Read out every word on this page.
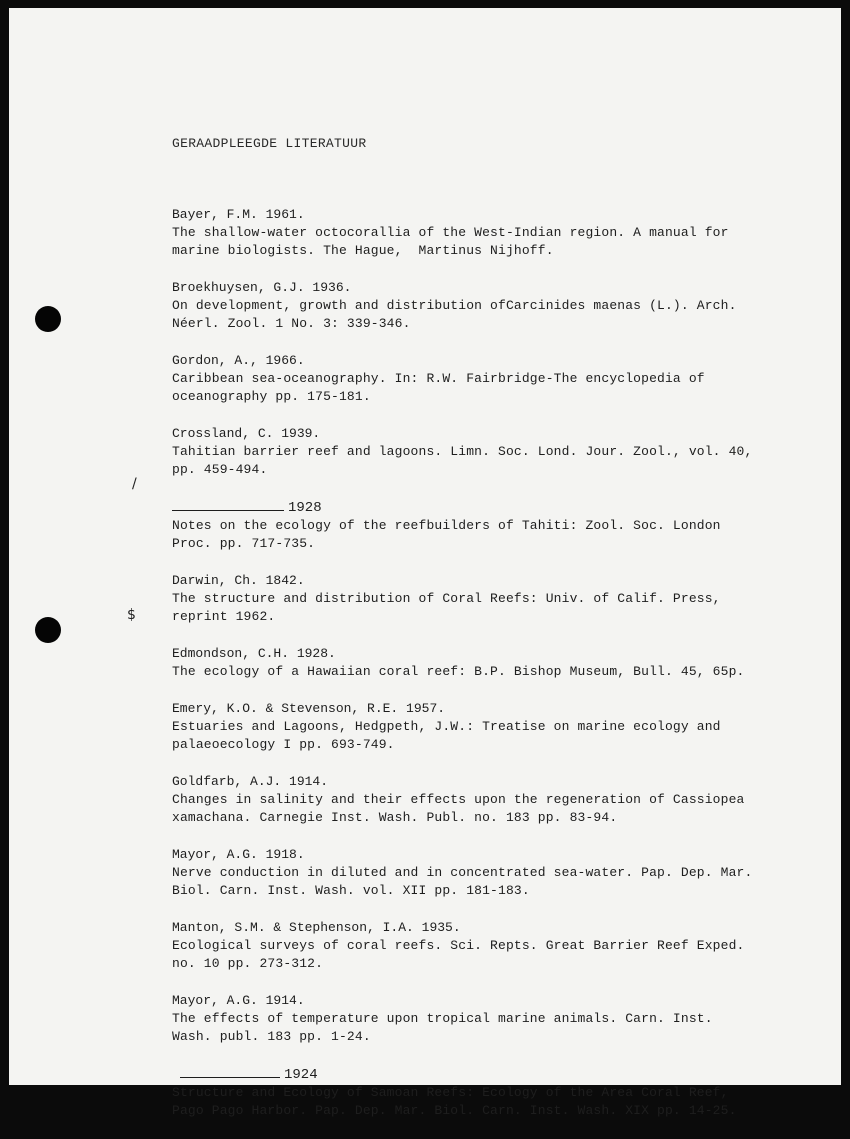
/
$
GERAADPLEEGDE LITERATUUR
Bayer, F.M. 1961.
The shallow-water octocorallia of the West-Indian region. A manual for
marine biologists. The Hague,  Martinus Nijhoff.
Broekhuysen, G.J. 1936.
On development, growth and distribution ofCarcinides maenas (L.). Arch.
Néerl. Zool. 1 No. 3: 339-346.
Gordon, A., 1966.
Caribbean sea-oceanography. In: R.W. Fairbridge-The encyclopedia of
oceanography pp. 175-181.
Crossland, C. 1939.
Tahitian barrier reef and lagoons. Limn. Soc. Lond. Jour. Zool., vol. 40,
pp. 459-494.
1928
Notes on the ecology of the reefbuilders of Tahiti: Zool. Soc. London
Proc. pp. 717-735.
Darwin, Ch. 1842.
The structure and distribution of Coral Reefs: Univ. of Calif. Press,
reprint 1962.
Edmondson, C.H. 1928.
The ecology of a Hawaiian coral reef: B.P. Bishop Museum, Bull. 45, 65p.
Emery, K.O. & Stevenson, R.E. 1957.
Estuaries and Lagoons, Hedgpeth, J.W.: Treatise on marine ecology and
palaeoecology I pp. 693-749.
Goldfarb, A.J. 1914.
Changes in salinity and their effects upon the regeneration of Cassiopea
xamachana. Carnegie Inst. Wash. Publ. no. 183 pp. 83-94.
Mayor, A.G. 1918.
Nerve conduction in diluted and in concentrated sea-water. Pap. Dep. Mar.
Biol. Carn. Inst. Wash. vol. XII pp. 181-183.
Manton, S.M. & Stephenson, I.A. 1935.
Ecological surveys of coral reefs. Sci. Repts. Great Barrier Reef Exped.
no. 10 pp. 273-312.
Mayor, A.G. 1914.
The effects of temperature upon tropical marine animals. Carn. Inst.
Wash. publ. 183 pp. 1-24.
1924
Structure and Ecology of Samoan Reefs: Ecology of the Area Coral Reef,
Pago Pago Harbor. Pap. Dep. Mar. Biol. Carn. Inst. Wash. XIX pp. 14-25.
